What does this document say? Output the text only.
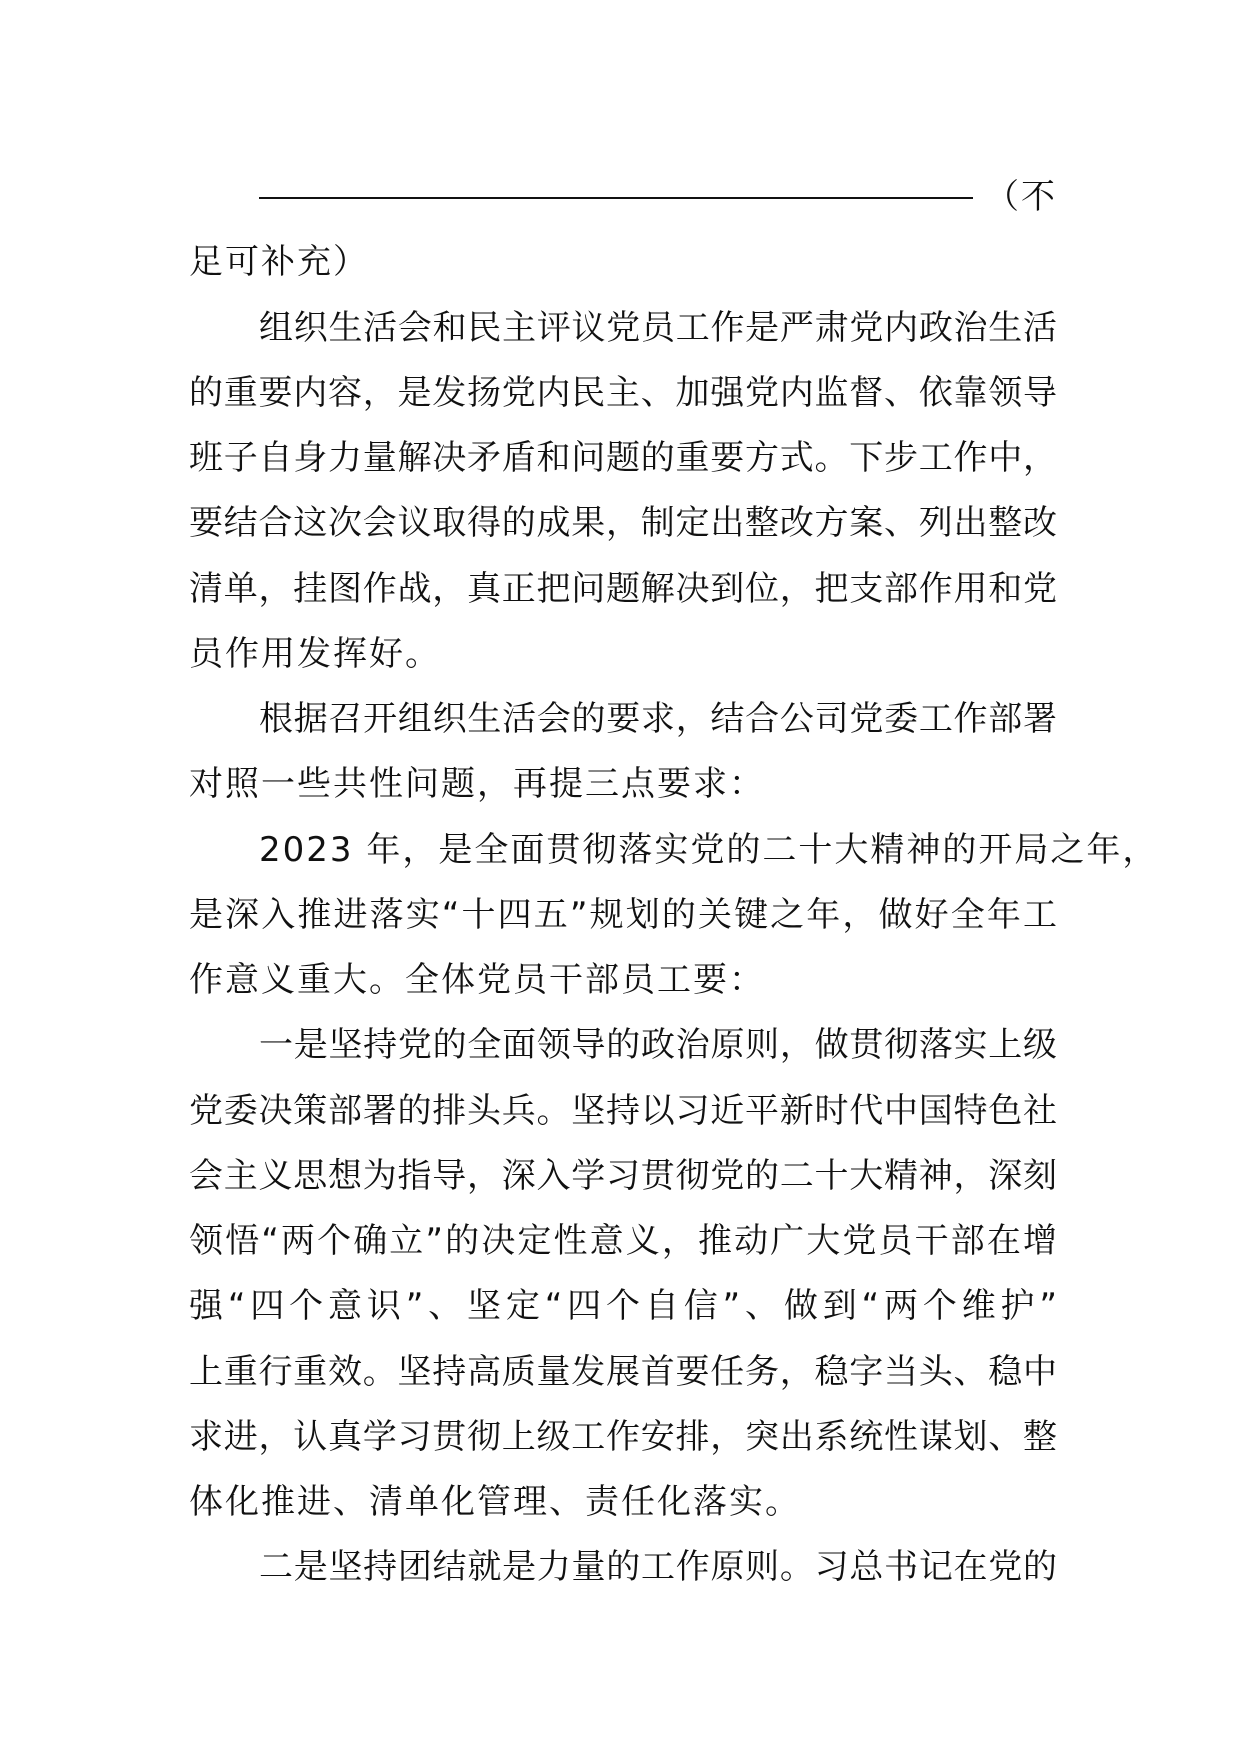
（不
足可补充）
组织生活会和民主评议党员工作是严肃党内政治生活
的重要内容，是发扬党内民主、加强党内监督、依靠领导
班子自身力量解决矛盾和问题的重要方式。下步工作中，
要结合这次会议取得的成果，制定出整改方案、列出整改
清单，挂图作战，真正把问题解决到位，把支部作用和党
员作用发挥好。
根据召开组织生活会的要求，结合公司党委工作部署
对照一些共性问题，再提三点要求：
2023 年，是全面贯彻落实党的二十大精神的开局之年，
是深入推进落实“十四五”规划的关键之年，做好全年工
作意义重大。全体党员干部员工要：
一是坚持党的全面领导的政治原则，做贯彻落实上级
党委决策部署的排头兵。坚持以习近平新时代中国特色社
会主义思想为指导，深入学习贯彻党的二十大精神，深刻
领悟“两个确立”的决定性意义，推动广大党员干部在增
强“四个意识”、坚定“四个自信”、做到“两个维护”
上重行重效。坚持高质量发展首要任务，稳字当头、稳中
求进，认真学习贯彻上级工作安排，突出系统性谋划、整
体化推进、清单化管理、责任化落实。
二是坚持团结就是力量的工作原则。习总书记在党的
